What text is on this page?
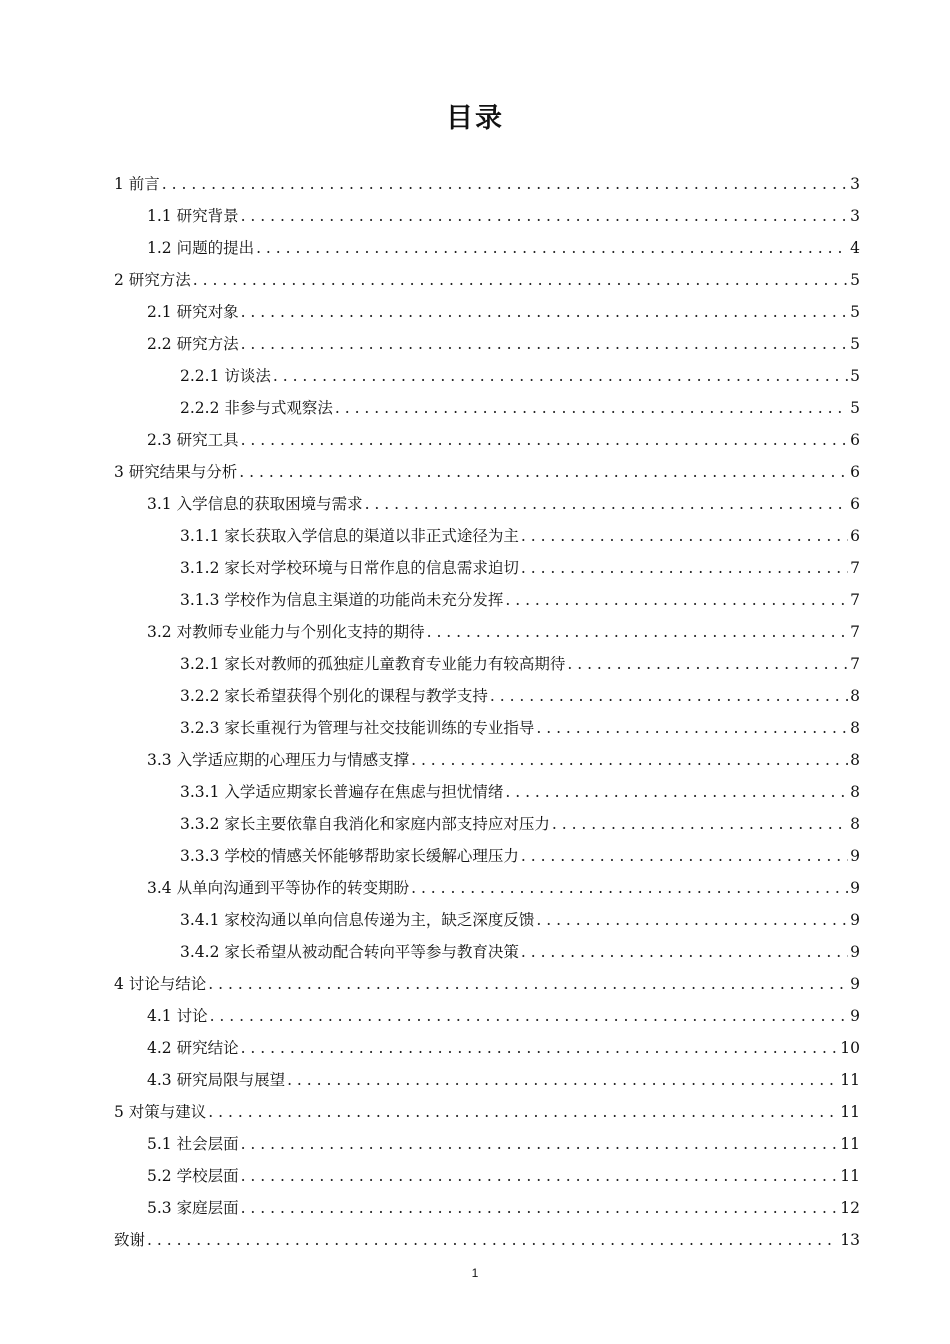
目录
1 前言 . . .	3
1.1 研究背景 . . .	3
1.2 问题的提出 . . .	4
2 研究方法 . . .	5
2.1 研究对象 . . .	5
2.2 研究方法 . . .	5
2.2.1 访谈法 . . .	5
2.2.2 非参与式观察法 . . .	5
2.3 研究工具 . . .	6
3 研究结果与分析 . . .	6
3.1 入学信息的获取困境与需求 . . .	6
3.1.1 家长获取入学信息的渠道以非正式途径为主 . . .	6
3.1.2 家长对学校环境与日常作息的信息需求迫切 . . .	7
3.1.3 学校作为信息主渠道的功能尚未充分发挥 . . .	7
3.2 对教师专业能力与个别化支持的期待 . . .	7
3.2.1 家长对教师的孤独症儿童教育专业能力有较高期待 . . .	7
3.2.2 家长希望获得个别化的课程与教学支持 . . .	8
3.2.3 家长重视行为管理与社交技能训练的专业指导 . . .	8
3.3 入学适应期的心理压力与情感支撑 . . .	8
3.3.1 入学适应期家长普遍存在焦虑与担忧情绪 . . .	8
3.3.2 家长主要依靠自我消化和家庭内部支持应对压力 . . .	8
3.3.3 学校的情感关怀能够帮助家长缓解心理压力 . . .	9
3.4 从单向沟通到平等协作的转变期盼 . . .	9
3.4.1 家校沟通以单向信息传递为主，缺乏深度反馈 . . .	9
3.4.2 家长希望从被动配合转向平等参与教育决策 . . .	9
4 讨论与结论 . . .	9
4.1 讨论 . . .	9
4.2 研究结论 . . .	10
4.3 研究局限与展望 . . .	11
5 对策与建议 . . .	11
5.1 社会层面 . . .	11
5.2 学校层面 . . .	11
5.3 家庭层面 . . .	12
致谢 . . .	13
1
